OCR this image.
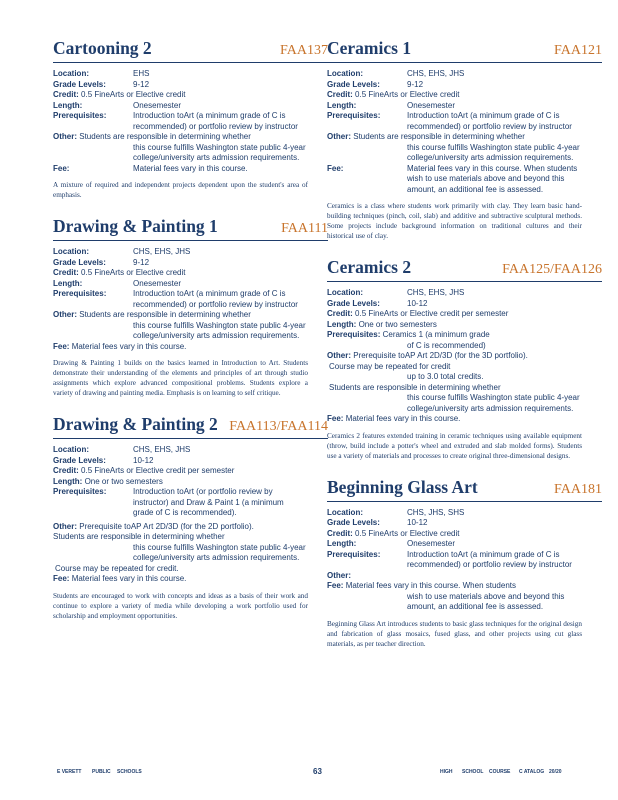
Cartooning 2	FAA137
Location:	EHS
Grade Levels:	9-12
Credit: 0.5 FineArts or Elective credit
Length:	Onesemester
Prerequisites:	Introduction toArt (a minimum grade of C is
recommended) or portfolio review by instructor
Other: Students are responsible in determining whether
this course fulfills Washington state public 4-year
college/university arts admission requirements.
Fee:	Material fees vary in this course.
A mixture of required and independent projects dependent upon the student's area of emphasis.
Drawing & Painting 1	FAA111
Location:	CHS, EHS, JHS
Grade Levels:	9-12
Credit: 0.5 FineArts or Elective credit
Length:	Onesemester
Prerequisites:	Introduction toArt (a minimum grade of C is
recommended) or portfolio review by instructor
Other: Students are responsible in determining whether
this course fulfills Washington state public 4-year
college/university arts admission requirements.
Fee: Material fees vary in this course.
Drawing & Painting 1 builds on the basics learned in Introduction to Art. Students demonstrate their understanding of the elements and principles of art through studio assignments which explore advanced compositional problems. Students explore a variety of drawing and painting media. Emphasis is on learning to self critique.
Drawing & Painting 2 FAA113/FAA114
Location:	CHS, EHS, JHS
Grade Levels:	10-12
Credit: 0.5 FineArts or Elective credit per semester
Length: One or two semesters
Prerequisites:	Introduction toArt (or portfolio review by
instructor) and Draw & Paint 1 (a minimum
grade of C is recommended).
Other: Prerequisite toAP Art 2D/3D (for the 2D portfolio).
Students are responsible in determining whether
this course fulfills Washington state public 4-year
college/university arts admission requirements.
Course may be repeated for credit.
Fee: Material fees vary in this course.
Students are encouraged to work with concepts and ideas as a basis of their work and continue to explore a variety of media while developing a work portfolio used for scholarship and employment opportunities.
Ceramics 1	FAA121
Location:	CHS, EHS, JHS
Grade Levels:	9-12
Credit: 0.5 FineArts or Elective credit
Length:	Onesemester
Prerequisites:	Introduction toArt (a minimum grade of C is
recommended) or portfolio review by instructor
Other: Students are responsible in determining whether
this course fulfills Washington state public 4-year
college/university arts admission requirements.
Fee:	Material fees vary in this course. When students
wish to use materials above and beyond this
amount, an additional fee is assessed.
Ceramics is a class where students work primarily with clay. They learn basic hand-building techniques (pinch, coil, slab) and additive and subtractive sculptural methods. Some projects include background information on traditional cultures and their historical use of clay.
Ceramics 2	FAA125/FAA126
Location:	CHS, EHS, JHS
Grade Levels:	10-12
Credit: 0.5 FineArts or Elective credit per semester
Length: One or two semesters
Prerequisites: Ceramics 1 (a minimum grade
of C is recommended)
Other: Prerequisite toAP Art 2D/3D (for the 3D portfolio).
Course may be repeated for credit
up to 3.0 total credits.
Students are responsible in determining whether
this course fulfills Washington state public 4-year
college/university arts admission requirements.
Fee: Material fees vary in this course.
Ceramics 2 features extended training in ceramic techniques using available equipment (throw, build include a potter's wheel and extruded and slab molded forms). Students use a variety of materials and processes to create original three-dimensional designs.
Beginning Glass Art	FAA181
Location:	CHS, JHS, SHS
Grade Levels:	10-12
Credit: 0.5 FineArts or Elective credit
Length:	Onesemester
Prerequisites:	Introduction toArt (a minimum grade of C is
recommended) or portfolio review by instructor
Other:
Fee: Material fees vary in this course. When students
wish to use materials above and beyond this
amount, an additional fee is assessed.
Beginning Glass Art introduces students to basic glass techniques for the original design and fabrication of glass mosaics, fused glass, and other projects using cut glass materials, as per teacher direction.
E VERETT PUBLIC SCHOOLS	63	HIGH SCHOOL COURSE C ATALOG 20/20
